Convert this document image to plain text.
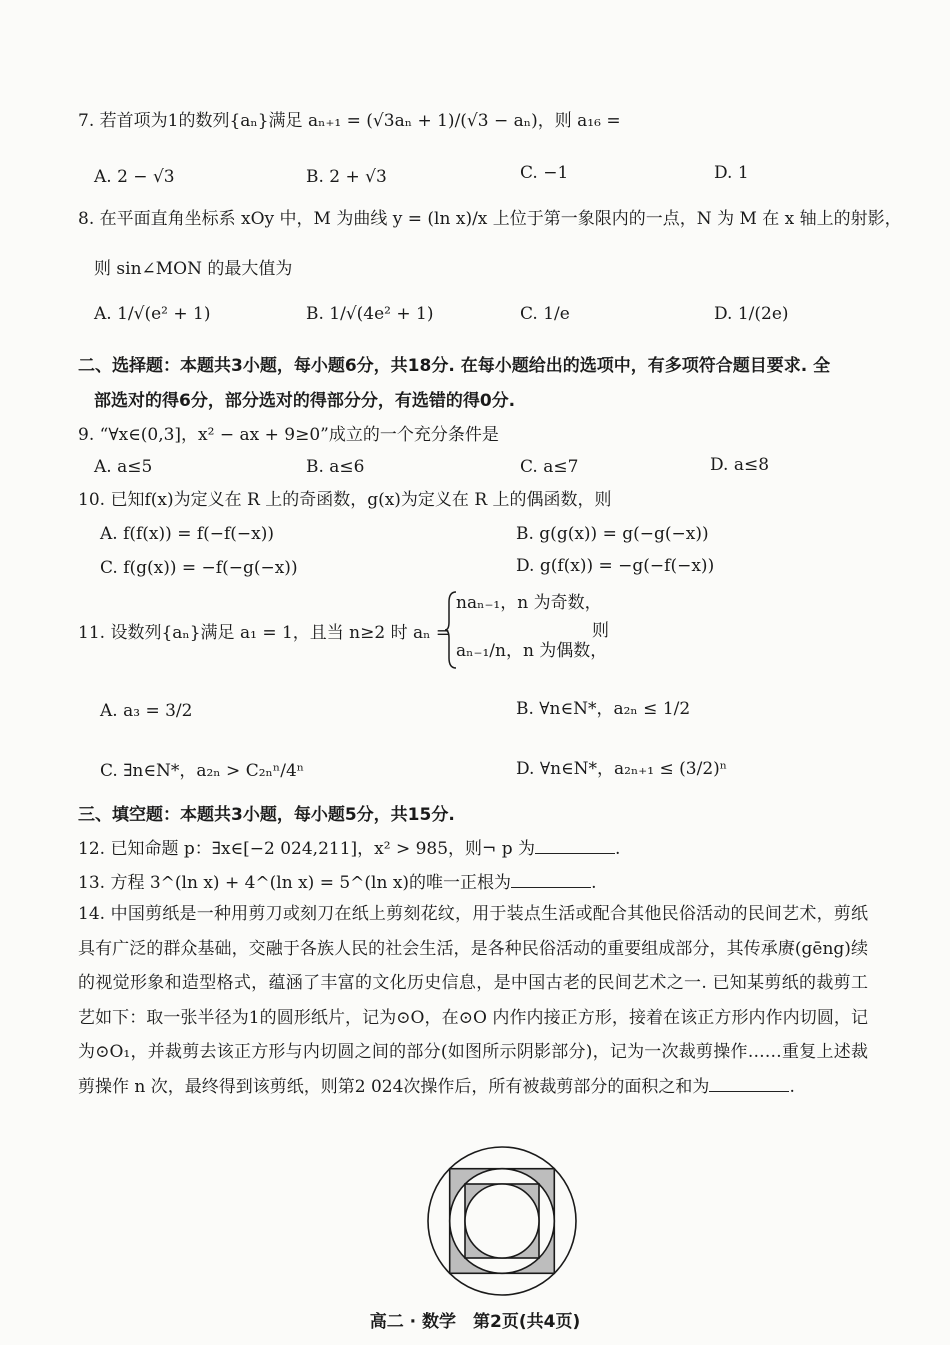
7. 若首项为1的数列{aₙ}满足 aₙ₊₁ = (√3aₙ + 1)/(√3 − aₙ)，则 a₁₆ =
A. 2 − √3	B. 2 + √3	C. −1	D. 1
8. 在平面直角坐标系 xOy 中，M 为曲线 y = (ln x)/x 上位于第一象限内的一点，N 为 M 在 x 轴上的射影，
则 sin∠MON 的最大值为
A. 1/√(e² + 1)	B. 1/√(4e² + 1)	C. 1/e	D. 1/(2e)
二、选择题：本题共3小题，每小题6分，共18分. 在每小题给出的选项中，有多项符合题目要求. 全
部选对的得6分，部分选对的得部分分，有选错的得0分.
9. “∀x∈(0,3]，x² − ax + 9≥0”成立的一个充分条件是
A. a≤5	B. a≤6	C. a≤7	D. a≤8
10. 已知f(x)为定义在 R 上的奇函数，g(x)为定义在 R 上的偶函数，则
A. f(f(x)) = f(−f(−x))	B. g(g(x)) = g(−g(−x))
C. f(g(x)) = −f(−g(−x))	D. g(f(x)) = −g(−f(−x))
11. 设数列{aₙ}满足 a₁ = 1，且当 n≥2 时 aₙ =
naₙ₋₁，n 为奇数，
aₙ₋₁/n，n 为偶数，
则
A. a₃ = 3/2	B. ∀n∈N*，a₂ₙ ≤ 1/2
C. ∃n∈N*，a₂ₙ > C₂ₙⁿ/4ⁿ	D. ∀n∈N*，a₂ₙ₊₁ ≤ (3/2)ⁿ
三、填空题：本题共3小题，每小题5分，共15分.
12. 已知命题 p：∃x∈[−2 024,211]，x² > 985，则¬ p 为	.
13. 方程 3^(ln x) + 4^(ln x) = 5^(ln x)的唯一正根为	.
14. 中国剪纸是一种用剪刀或刻刀在纸上剪刻花纹，用于装点生活或配合其他民俗活动的民间艺术，剪纸具有广泛的群众基础，交融于各族人民的社会生活，是各种民俗活动的重要组成部分，其传承赓(gēng)续的视觉形象和造型格式，蕴涵了丰富的文化历史信息，是中国古老的民间艺术之一. 已知某剪纸的裁剪工艺如下：取一张半径为1的圆形纸片，记为⊙O，在⊙O 内作内接正方形，接着在该正方形内作内切圆，记为⊙O₁，并裁剪去该正方形与内切圆之间的部分(如图所示阴影部分)，记为一次裁剪操作……重复上述裁剪操作 n 次，最终得到该剪纸，则第2 024次操作后，所有被裁剪部分的面积之和为	.
高二 · 数学　第2页(共4页)
